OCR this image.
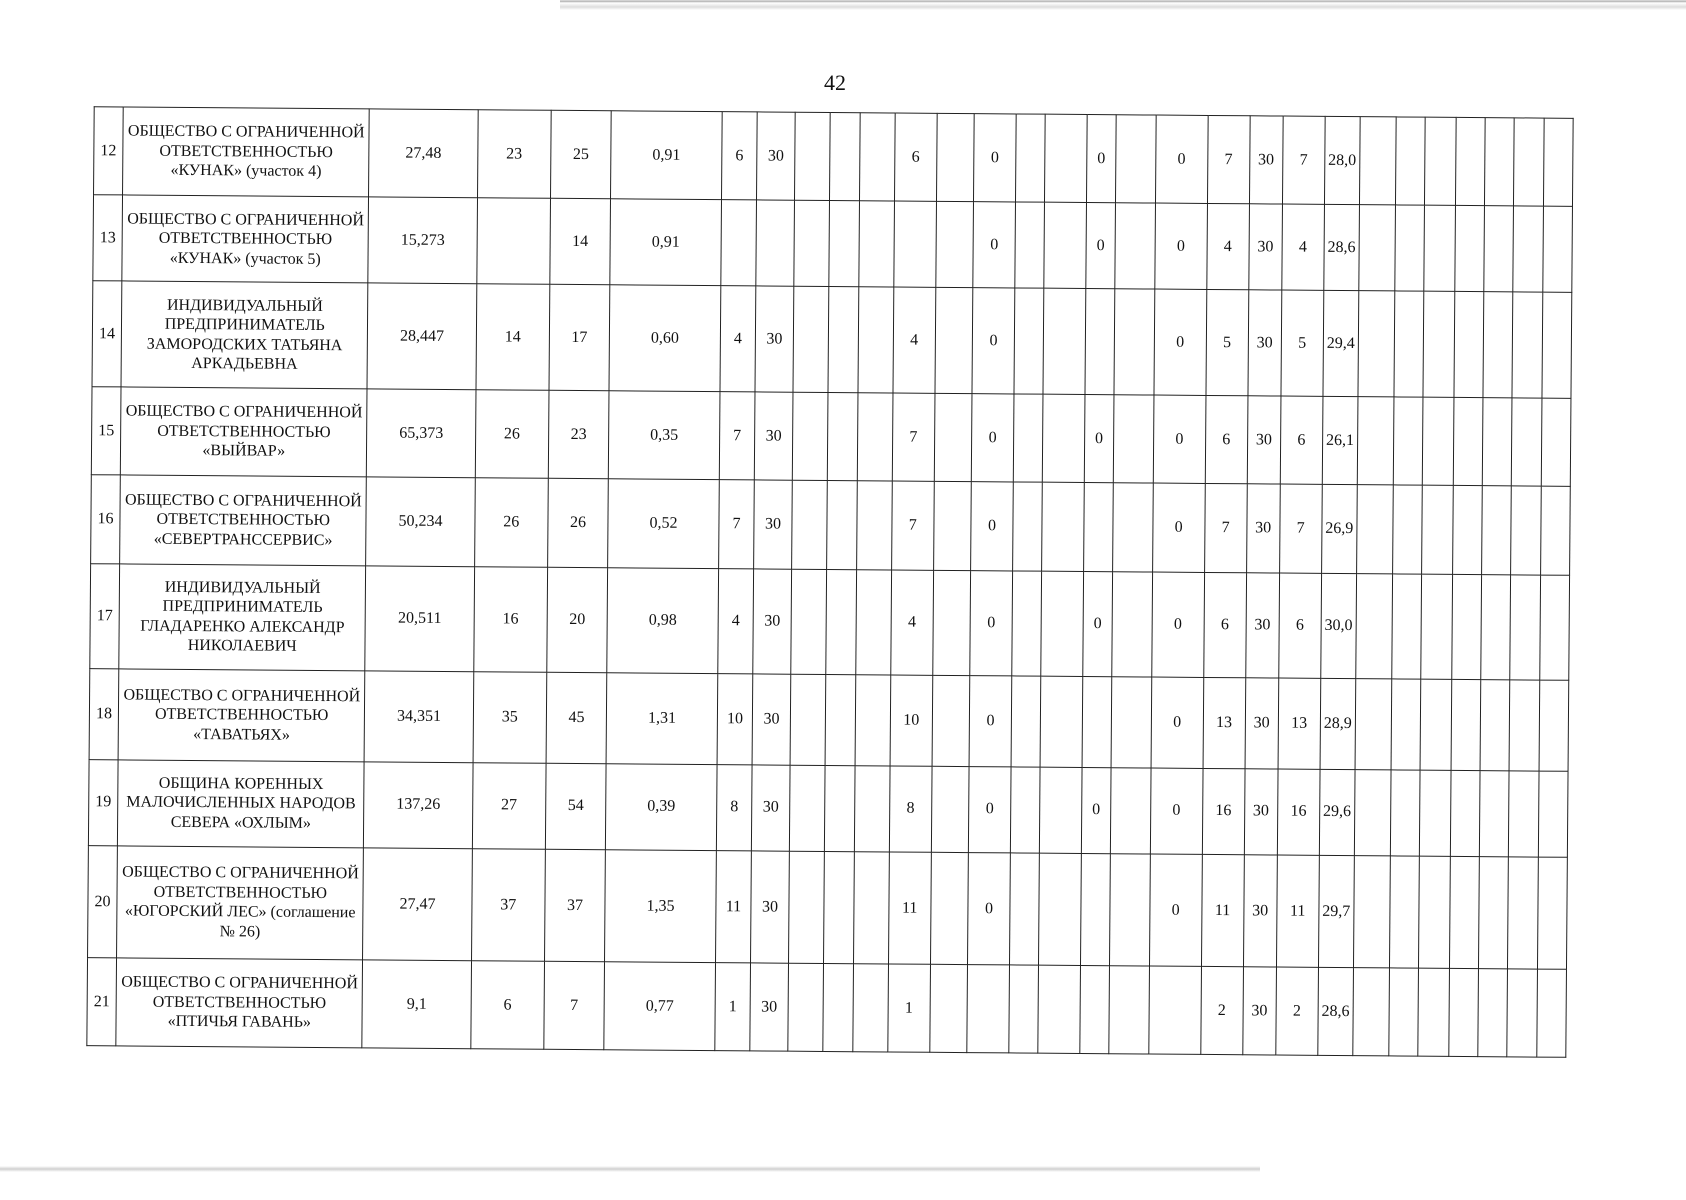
42
12	ОБЩЕСТВО С ОГРАНИЧЕННОЙ ОТВЕТСТВЕННОСТЬЮ «КУНАК» (участок 4)	27,48	23	25	0,91	6	30				6		0			0		0	7	30	7	28,0							
13	ОБЩЕСТВО С ОГРАНИЧЕННОЙ ОТВЕТСТВЕННОСТЬЮ «КУНАК» (участок 5)	15,273		14	0,91								0			0		0	4	30	4	28,6							
14	ИНДИВИДУАЛЬНЫЙ ПРЕДПРИНИМАТЕЛЬ ЗАМОРОДСКИХ ТАТЬЯНА АРКАДЬЕВНА	28,447	14	17	0,60	4	30				4		0					0	5	30	5	29,4							
15	ОБЩЕСТВО С ОГРАНИЧЕННОЙ ОТВЕТСТВЕННОСТЬЮ «ВЫЙВАР»	65,373	26	23	0,35	7	30				7		0			0		0	6	30	6	26,1							
16	ОБЩЕСТВО С ОГРАНИЧЕННОЙ ОТВЕТСТВЕННОСТЬЮ «СЕВЕРТРАНССЕРВИС»	50,234	26	26	0,52	7	30				7		0					0	7	30	7	26,9							
17	ИНДИВИДУАЛЬНЫЙ ПРЕДПРИНИМАТЕЛЬ ГЛАДАРЕНКО АЛЕКСАНДР НИКОЛАЕВИЧ	20,511	16	20	0,98	4	30				4		0			0		0	6	30	6	30,0							
18	ОБЩЕСТВО С ОГРАНИЧЕННОЙ ОТВЕТСТВЕННОСТЬЮ «ТАВАТЬЯХ»	34,351	35	45	1,31	10	30				10		0					0	13	30	13	28,9							
19	ОБЩИНА КОРЕННЫХ МАЛОЧИСЛЕННЫХ НАРОДОВ СЕВЕРА «ОХЛЫМ»	137,26	27	54	0,39	8	30				8		0			0		0	16	30	16	29,6							
20	ОБЩЕСТВО С ОГРАНИЧЕННОЙ ОТВЕТСТВЕННОСТЬЮ «ЮГОРСКИЙ ЛЕС» (соглашение № 26)	27,47	37	37	1,35	11	30				11		0					0	11	30	11	29,7							
21	ОБЩЕСТВО С ОГРАНИЧЕННОЙ ОТВЕТСТВЕННОСТЬЮ «ПТИЧЬЯ ГАВАНЬ»	9,1	6	7	0,77	1	30				1								2	30	2	28,6							
